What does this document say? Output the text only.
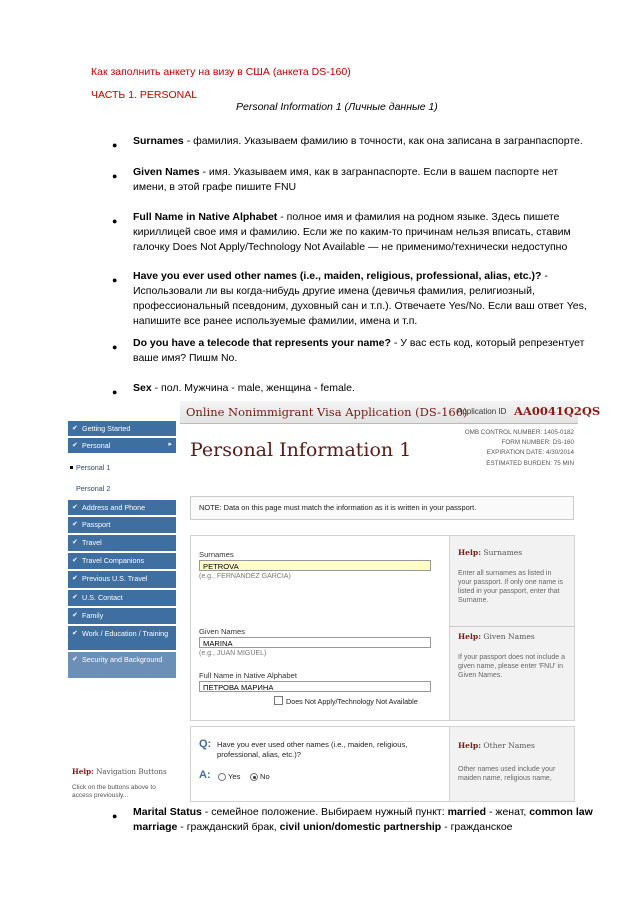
Как заполнить анкету на визу в США (анкета DS-160)
ЧАСТЬ 1. PERSONAL
Personal Information 1 (Личные данные 1)
● Surnames - фамилия. Указываем фамилию в точности, как она записана в загранпаспорте.
● Given Names - имя. Указываем имя, как в загранпаспорте. Если в вашем паспорте нет имени, в этой графе пишите FNU
● Full Name in Native Alphabet - полное имя и фамилия на родном языке. Здесь пишете кириллицей свое имя и фамилию. Если же по каким-то причинам нельзя вписать, ставим галочку Does Not Apply/Technology Not Available — не применимо/технически недоступно
● Have you ever used other names (i.e., maiden, religious, professional, alias, etc.)? - Использовали ли вы когда-нибудь другие имена (девичья фамилия, религиозный, профессиональный псевдоним, духовный сан и т.п.). Отвечаете Yes/No. Если ваш ответ Yes, напишите все ранее используемые фамилии, имена и т.п.
● Do you have a telecode that represents your name? - У вас есть код, который репрезентует ваше имя? Пишм No.
● Sex - пол. Мужчина - male, женщина - female.
Online Nonimmigrant Visa Application (DS-160)
Application ID AA0041Q2QS
✔ Getting Started
✔ Personal	▸
Personal 1
Personal 2
✔ Address and Phone
✔ Passport
✔ Travel
✔ Travel Companions
✔ Previous U.S. Travel
✔ U.S. Contact
✔ Family
✔ Work / Education / Training
✔ Security and Background
Help: Navigation Buttons
Click on the buttons above to access previously...
Personal Information 1
OMB CONTROL NUMBER: 1405-0182
FORM NUMBER: DS-160
EXPIRATION DATE: 4/30/2014
ESTIMATED BURDEN: 75 MIN
NOTE: Data on this page must match the information as it is written in your passport.
Surnames
PETROVA
(e.g., FERNANDEZ GARCIA)
Given Names
MARINA
(e.g., JUAN MIGUEL)
Full Name in Native Alphabet
ПЕТРОВА МАРИНА
Does Not Apply/Technology Not Available
Help: Surnames
Enter all surnames as listed in your passport. If only one name is listed in your passport, enter that Surname.
Help: Given Names
If your passport does not include a given name, please enter 'FNU' in Given Names.
Q: Have you ever used other names (i.e., maiden, religious, professional, alias, etc.)?
A: Yes	No
Help: Other Names
Other names used include your maiden name, religious name,
● Marital Status - семейное положение. Выбираем нужный пункт: married - женат, common law marriage - гражданский брак, civil union/domestic partnership - гражданское
